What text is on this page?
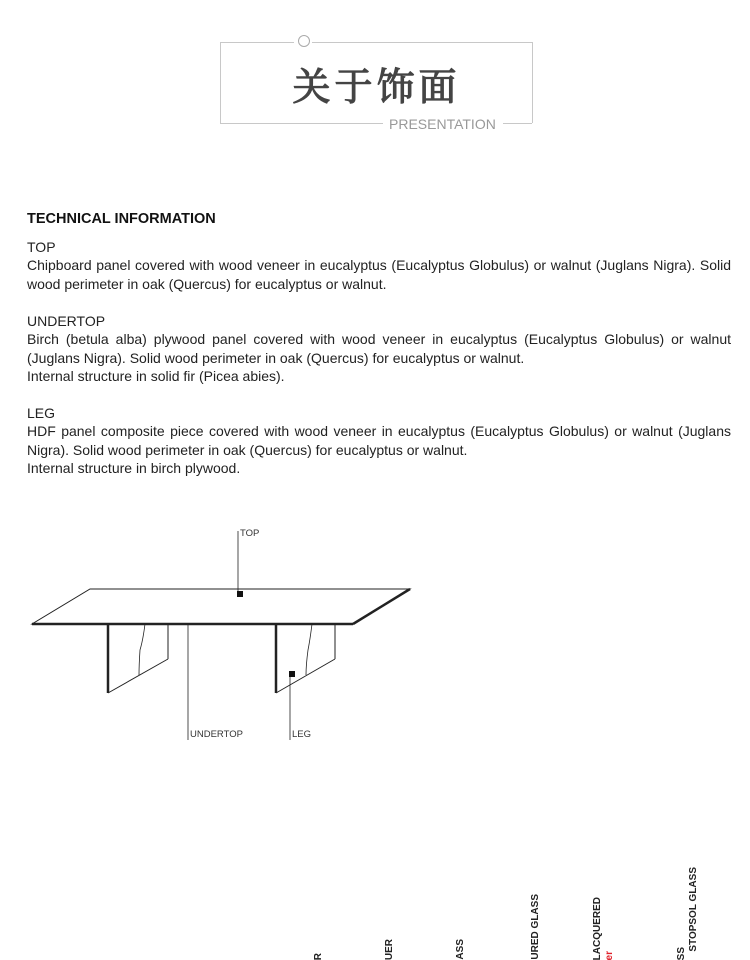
关于饰面
PRESENTATION
TECHNICAL INFORMATION

TOP

Chipboard panel covered with wood veneer in eucalyptus (Eucalyptus Globulus) or walnut (Juglans Nigra). Solid wood perimeter in oak (Quercus) for eucalyptus or walnut.

UNDERTOP

Birch (betula alba) plywood panel covered with wood veneer in eucalyptus (Eucalyptus Globulus) or walnut (Juglans Nigra). Solid wood perimeter in oak (Quercus) for eucalyptus or walnut.

Internal structure in solid fir (Picea abies).

LEG

HDF panel composite piece covered with wood veneer in eucalyptus (Eucalyptus Globulus) or walnut (Juglans Nigra). Solid wood perimeter in oak (Quercus) for eucalyptus or walnut.

Internal structure in birch plywood.

TOP
UNDERTOP	LEG
R	UER	ASS	URED GLASS	LACQUERED er	SS
STOPSOL GLASS
